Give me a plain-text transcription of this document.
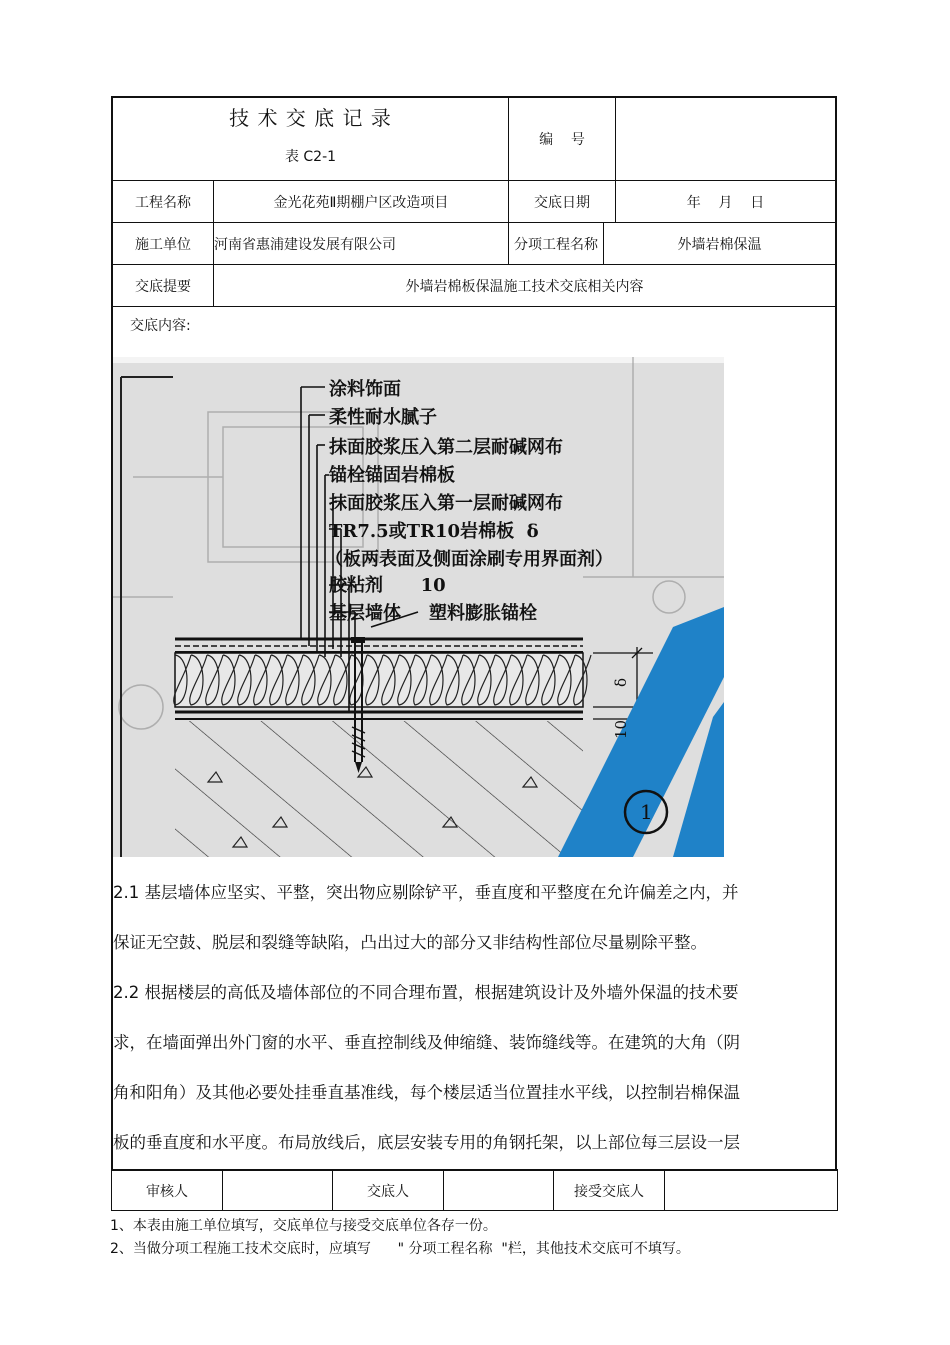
技 术 交 底 记 录
表 C2-1
编    号
工程名称	金光花苑Ⅱ期棚户区改造项目	交底日期	年    月    日
施工单位	河南省惠浦建设发展有限公司	分项工程名称	外墙岩棉保温
交底提要	外墙岩棉板保温施工技术交底相关内容
交底内容:
涂料饰面
柔性耐水腻子
抹面胶浆压入第二层耐碱网布
锚栓锚固岩棉板
抹面胶浆压入第一层耐碱网布
TR7.5或TR10岩棉板  δ
（板两表面及侧面涂刷专用界面剂）
胶粘剂      10
基层墙体 塑料膨胀锚栓
δ
10
1
2.1 基层墙体应坚实、平整，突出物应剔除铲平，垂直度和平整度在允许偏差之内，并
保证无空鼓、脱层和裂缝等缺陷，凸出过大的部分又非结构性部位尽量剔除平整。
2.2 根据楼层的高低及墙体部位的不同合理布置，根据建筑设计及外墙外保温的技术要
求，在墙面弹出外门窗的水平、垂直控制线及伸缩缝、装饰缝线等。在建筑的大角（阴
角和阳角）及其他必要处挂垂直基准线，每个楼层适当位置挂水平线，以控制岩棉保温
板的垂直度和水平度。布局放线后，底层安装专用的角钢托架，以上部位每三层设一层
审核人	交底人	接受交底人
1、本表由施工单位填写，交底单位与接受交底单位各存一份。
2、当做分项工程施工技术交底时，应填写      " 分项工程名称  "栏，其他技术交底可不填写。
